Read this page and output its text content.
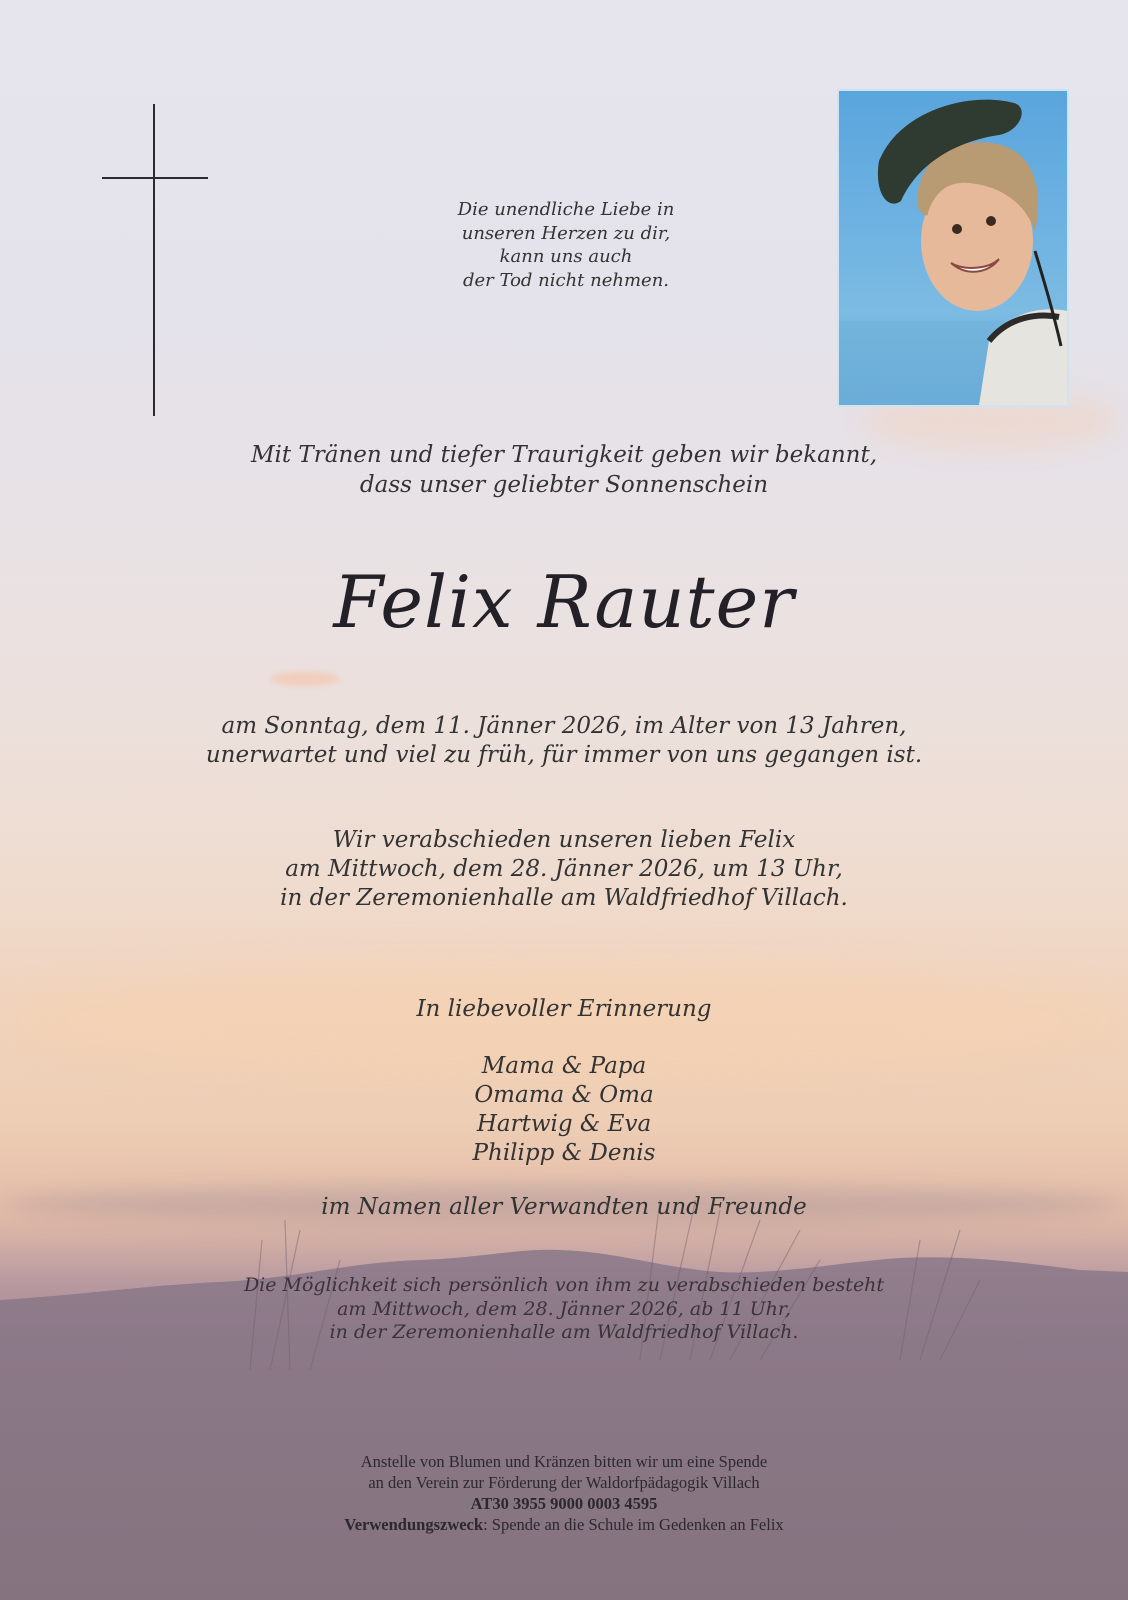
Die unendliche Liebe in
unseren Herzen zu dir,
kann uns auch
der Tod nicht nehmen.
Mit Tränen und tiefer Traurigkeit geben wir bekannt,
dass unser geliebter Sonnenschein
Felix Rauter
am Sonntag, dem 11. Jänner 2026, im Alter von 13 Jahren,
unerwartet und viel zu früh, für immer von uns gegangen ist.
Wir verabschieden unseren lieben Felix
am Mittwoch, dem 28. Jänner 2026, um 13 Uhr,
in der Zeremonienhalle am Waldfriedhof Villach.
In liebevoller Erinnerung
Mama & Papa
Omama & Oma
Hartwig & Eva
Philipp & Denis
im Namen aller Verwandten und Freunde
Die Möglichkeit sich persönlich von ihm zu verabschieden besteht
am Mittwoch, dem 28. Jänner 2026, ab 11 Uhr,
in der Zeremonienhalle am Waldfriedhof Villach.
Anstelle von Blumen und Kränzen bitten wir um eine Spende
an den Verein zur Förderung der Waldorfpädagogik Villach
AT30 3955 9000 0003 4595
Verwendungszweck: Spende an die Schule im Gedenken an Felix
